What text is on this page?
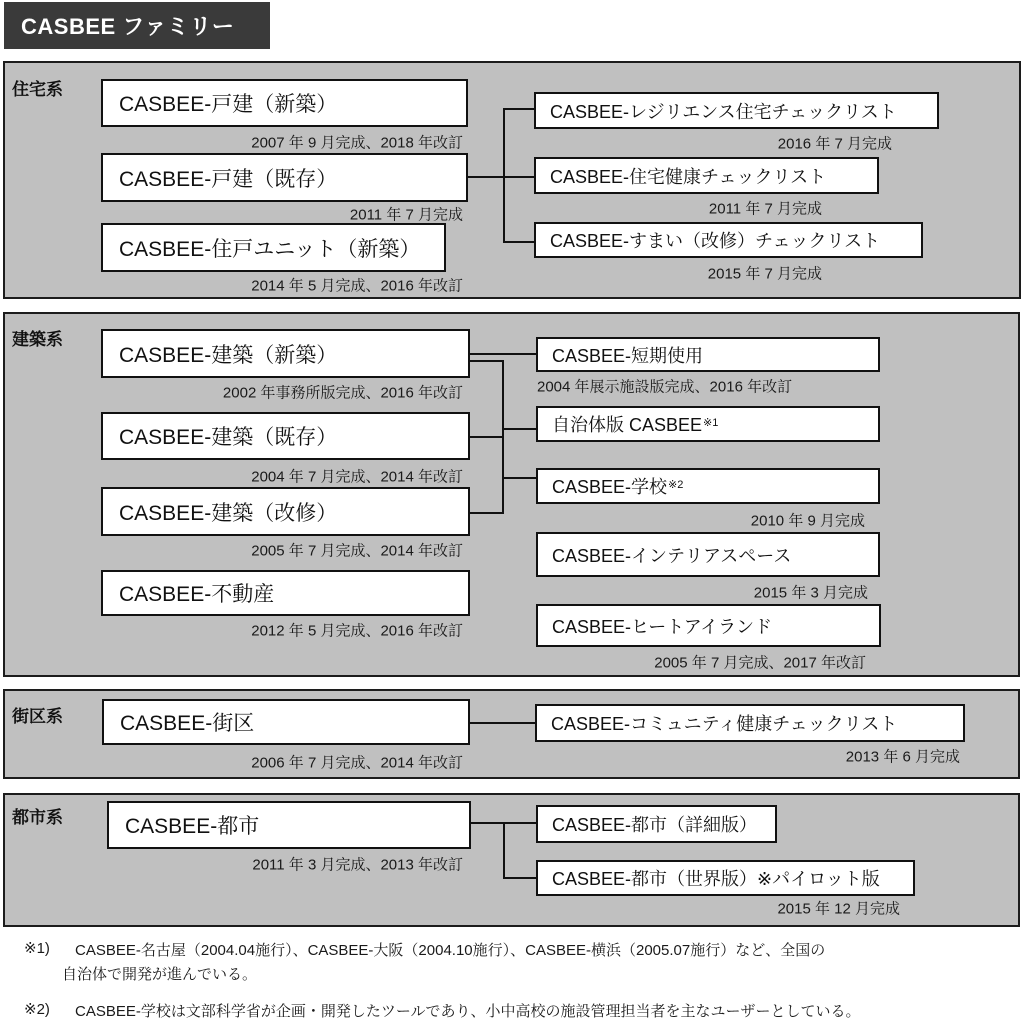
CASBEE ファミリー
住宅系
CASBEE-戸建（新築）
2007 年 9 月完成、2018 年改訂
CASBEE-戸建（既存）
2011 年 7 月完成
CASBEE-住戸ユニット（新築）
2014 年 5 月完成、2016 年改訂
CASBEE-レジリエンス住宅チェックリスト
2016 年 7 月完成
CASBEE-住宅健康チェックリスト
2011 年 7 月完成
CASBEE-すまい（改修）チェックリスト
2015 年 7 月完成
建築系
CASBEE-建築（新築）
2002 年事務所版完成、2016 年改訂
CASBEE-建築（既存）
2004 年 7 月完成、2014 年改訂
CASBEE-建築（改修）
2005 年 7 月完成、2014 年改訂
CASBEE-不動産
2012 年 5 月完成、2016 年改訂
CASBEE-短期使用
2004 年展示施設版完成、2016 年改訂
自治体版 CASBEE$^{※1}$
CASBEE-学校$^{※2}$
2010 年 9 月完成
CASBEE-インテリアスペース
2015 年 3 月完成
CASBEE-ヒートアイランド
2005 年 7 月完成、2017 年改訂
街区系	CASBEE-街区
2006 年 7 月完成、2014 年改訂
CASBEE-コミュニティ健康チェックリスト
2013 年 6 月完成
都市系	CASBEE-都市
2011 年 3 月完成、2013 年改訂
CASBEE-都市（詳細版）
CASBEE-都市（世界版）※パイロット版
2015 年 12 月完成
※1) CASBEE-名古屋（2004.04施行）、CASBEE-大阪（2004.10施行）、CASBEE-横浜（2005.07施行）など、全国の
自治体で開発が進んでいる。
※2) CASBEE-学校は文部科学省が企画・開発したツールであり、小中高校の施設管理担当者を主なユーザーとしている。
